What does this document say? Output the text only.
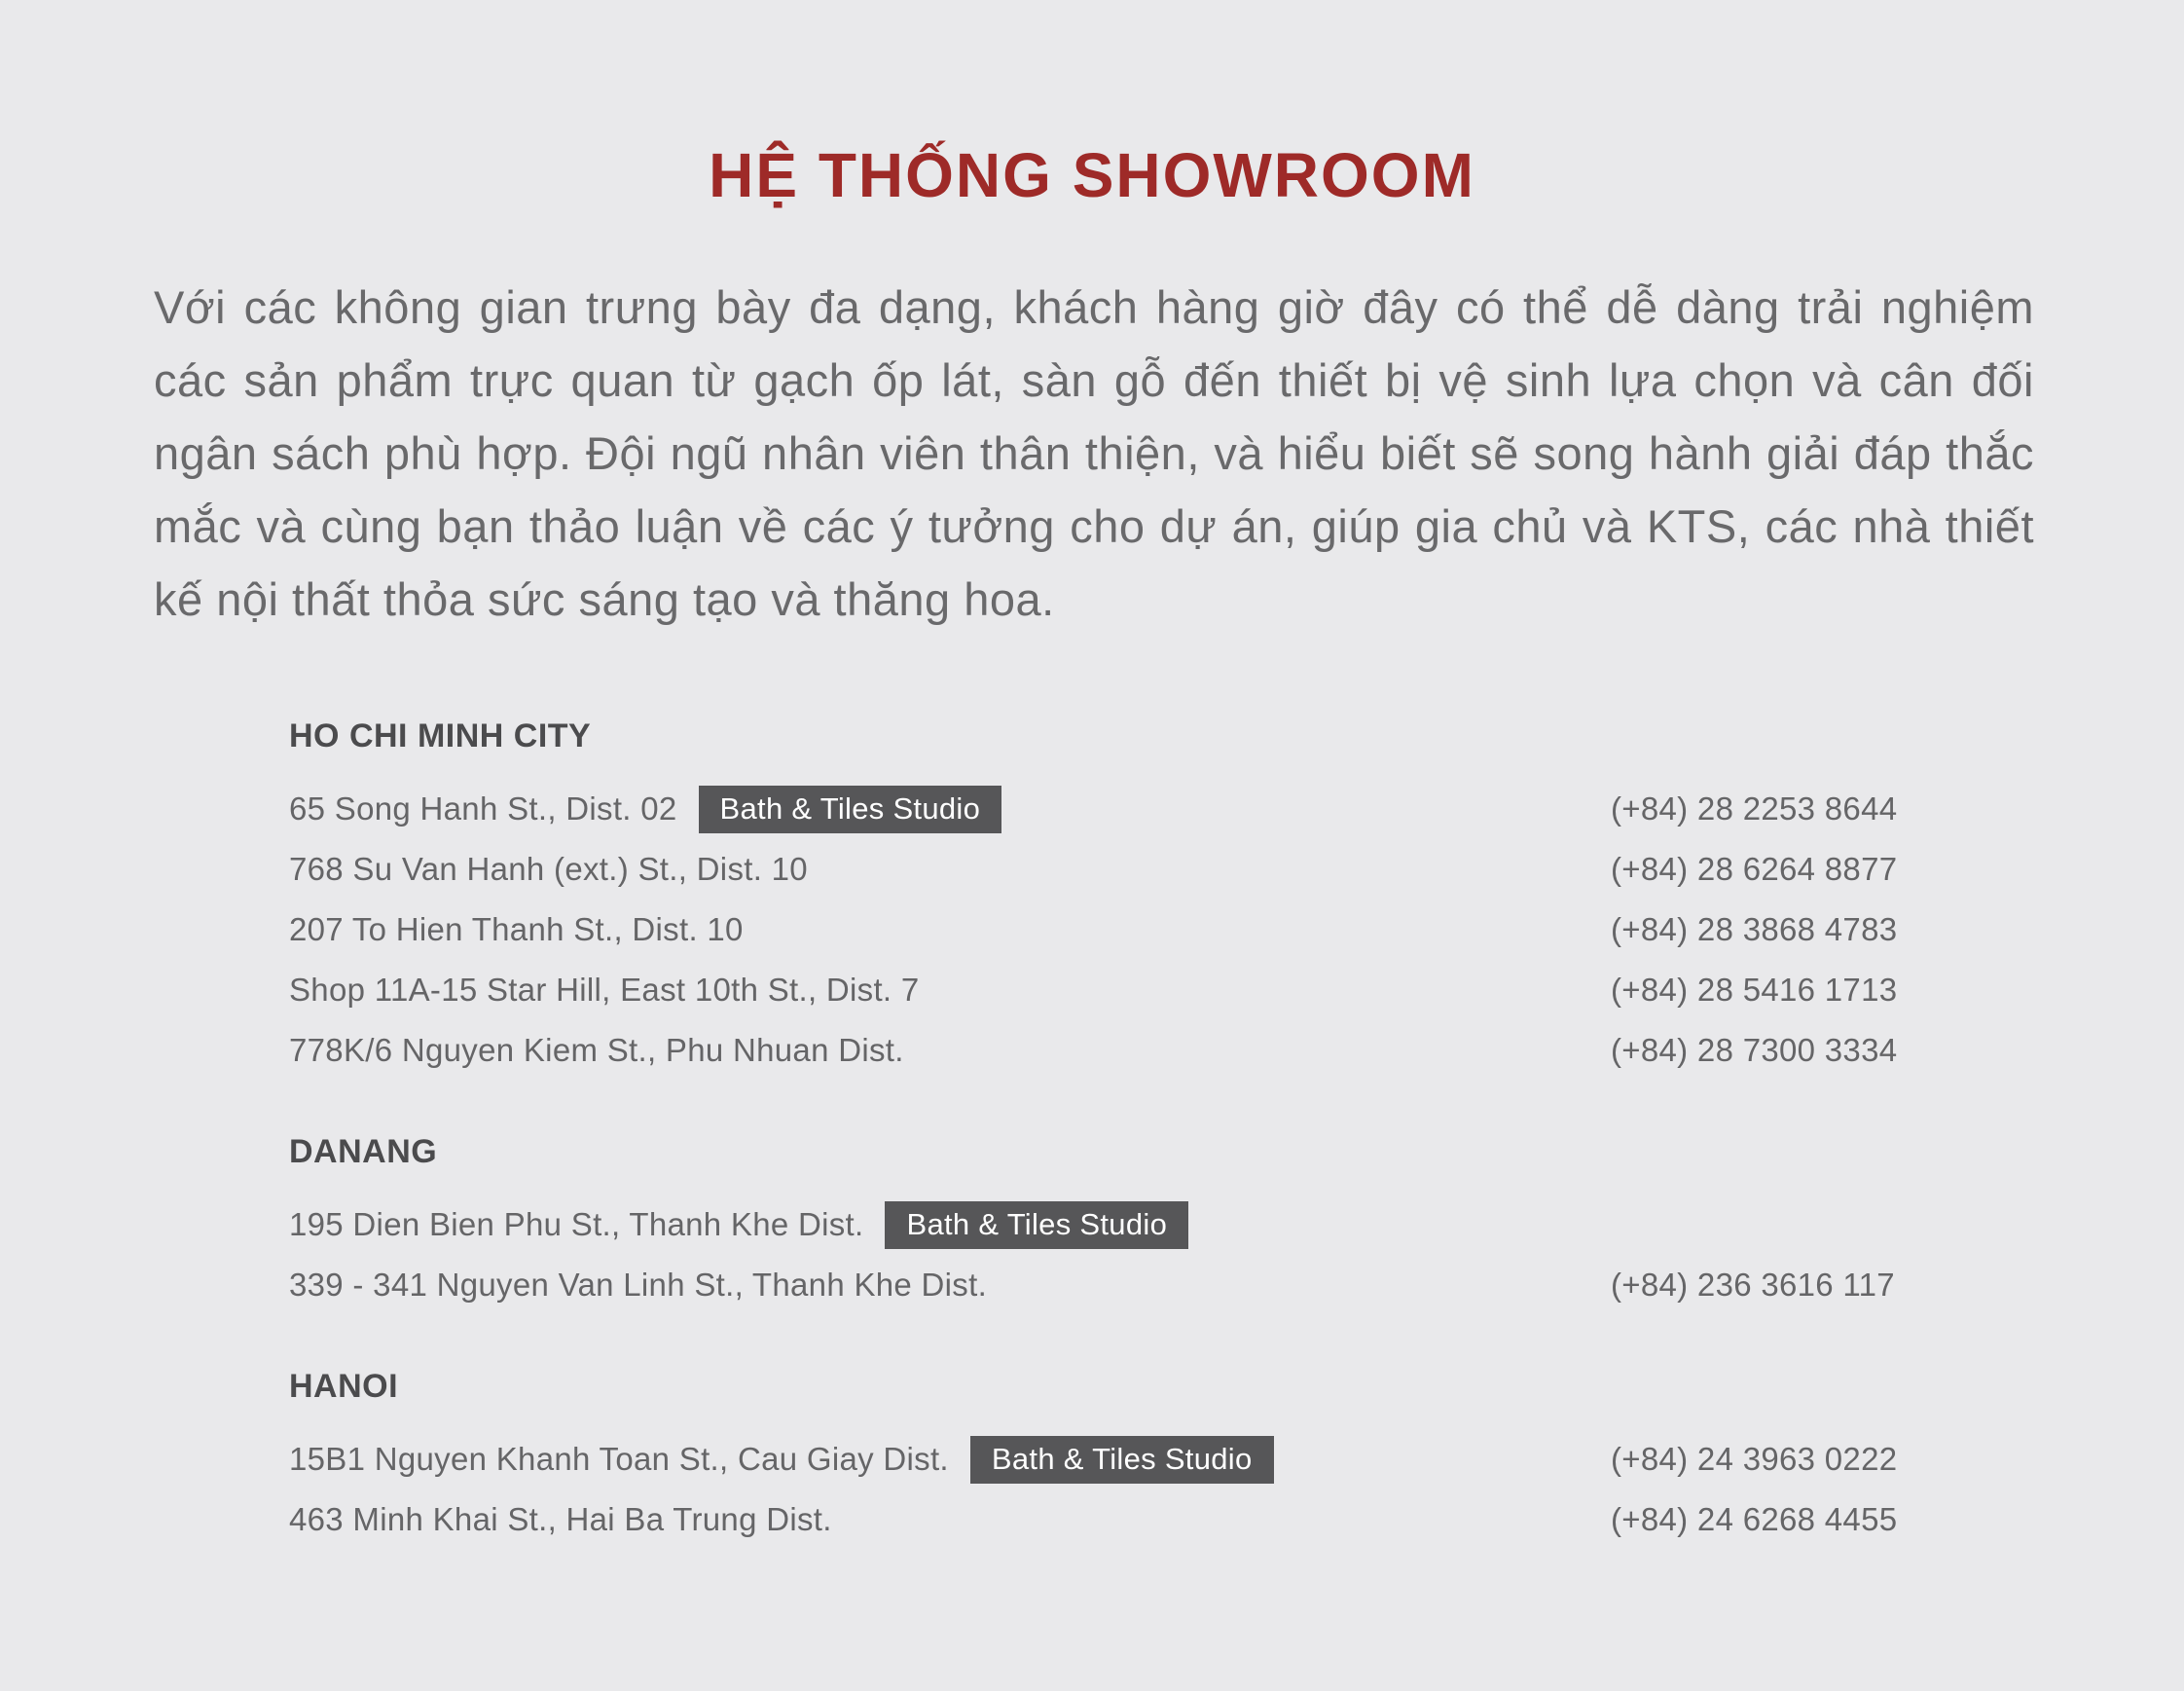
HỆ THỐNG SHOWROOM

Với các không gian trưng bày đa dạng, khách hàng giờ đây có thể dễ dàng trải nghiệm các sản phẩm trực quan từ gạch ốp lát, sàn gỗ đến thiết bị vệ sinh lựa chọn và cân đối ngân sách phù hợp. Đội ngũ nhân viên thân thiện, và hiểu biết sẽ song hành giải đáp thắc mắc và cùng bạn thảo luận về các ý tưởng cho dự án, giúp gia chủ và KTS, các nhà thiết kế nội thất thỏa sức sáng tạo và thăng hoa.

HO CHI MINH CITY
65 Song Hanh St., Dist. 02	Bath & Tiles Studio	(+84) 28 2253 8644
768 Su Van Hanh (ext.) St., Dist. 10	(+84) 28 6264 8877
207 To Hien Thanh St., Dist. 10	(+84) 28 3868 4783
Shop 11A-15 Star Hill, East 10th St., Dist. 7	(+84) 28 5416 1713
778K/6 Nguyen Kiem St., Phu Nhuan Dist.	(+84) 28 7300 3334
DANANG
195 Dien Bien Phu St., Thanh Khe Dist.	Bath & Tiles Studio
339 - 341 Nguyen Van Linh St., Thanh Khe Dist.	(+84) 236 3616 117
HANOI
15B1 Nguyen Khanh Toan St., Cau Giay Dist.	Bath & Tiles Studio	(+84) 24 3963 0222
463 Minh Khai St., Hai Ba Trung Dist.	(+84) 24 6268 4455
